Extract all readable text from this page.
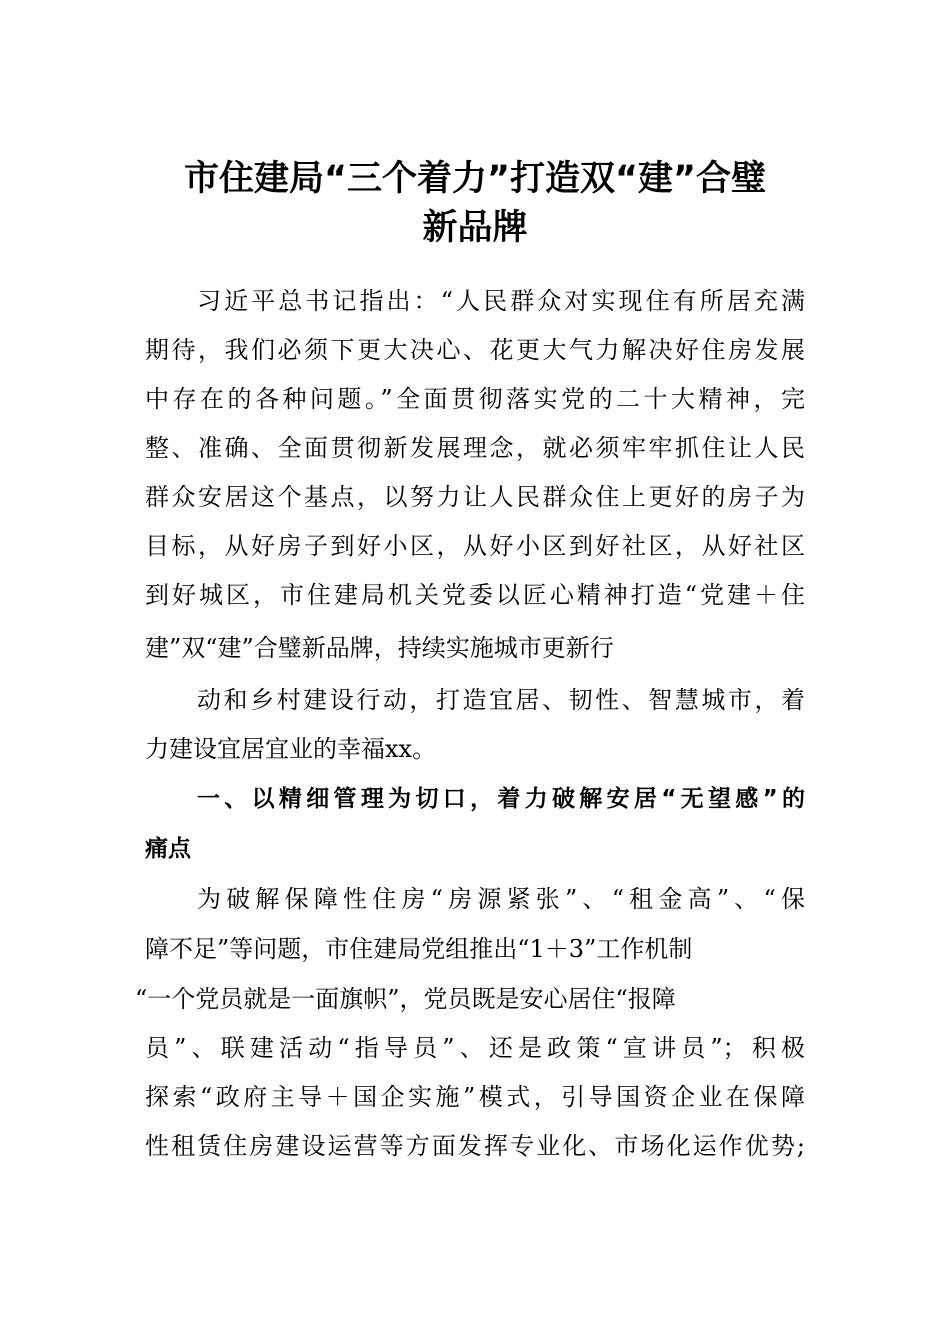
市住建局“三个着力”打造双“建”合璧
新品牌

习近平总书记指出：“人民群众对实现住有所居充满

期待，我们必须下更大决心、花更大气力解决好住房发展

中存在的各种问题。”全面贯彻落实党的二十大精神，完

整、准确、全面贯彻新发展理念，就必须牢牢抓住让人民

群众安居这个基点，以努力让人民群众住上更好的房子为

目标，从好房子到好小区，从好小区到好社区，从好社区

到好城区，市住建局机关党委以匠心精神打造“党建＋住

建”双“建”合璧新品牌，持续实施城市更新行

动和乡村建设行动，打造宜居、韧性、智慧城市，着

力建设宜居宜业的幸福xx。

一、以精细管理为切口，着力破解安居“无望感”的

痛点

为破解保障性住房“房源紧张”、“租金高”、“保

障不足”等问题，市住建局党组推出“1＋3”工作机制

“一个党员就是一面旗帜”，党员既是安心居住“报障

员”、联建活动“指导员”、还是政策“宣讲员”；积极

探索“政府主导＋国企实施”模式，引导国资企业在保障

性租赁住房建设运营等方面发挥专业化、市场化运作优势;
